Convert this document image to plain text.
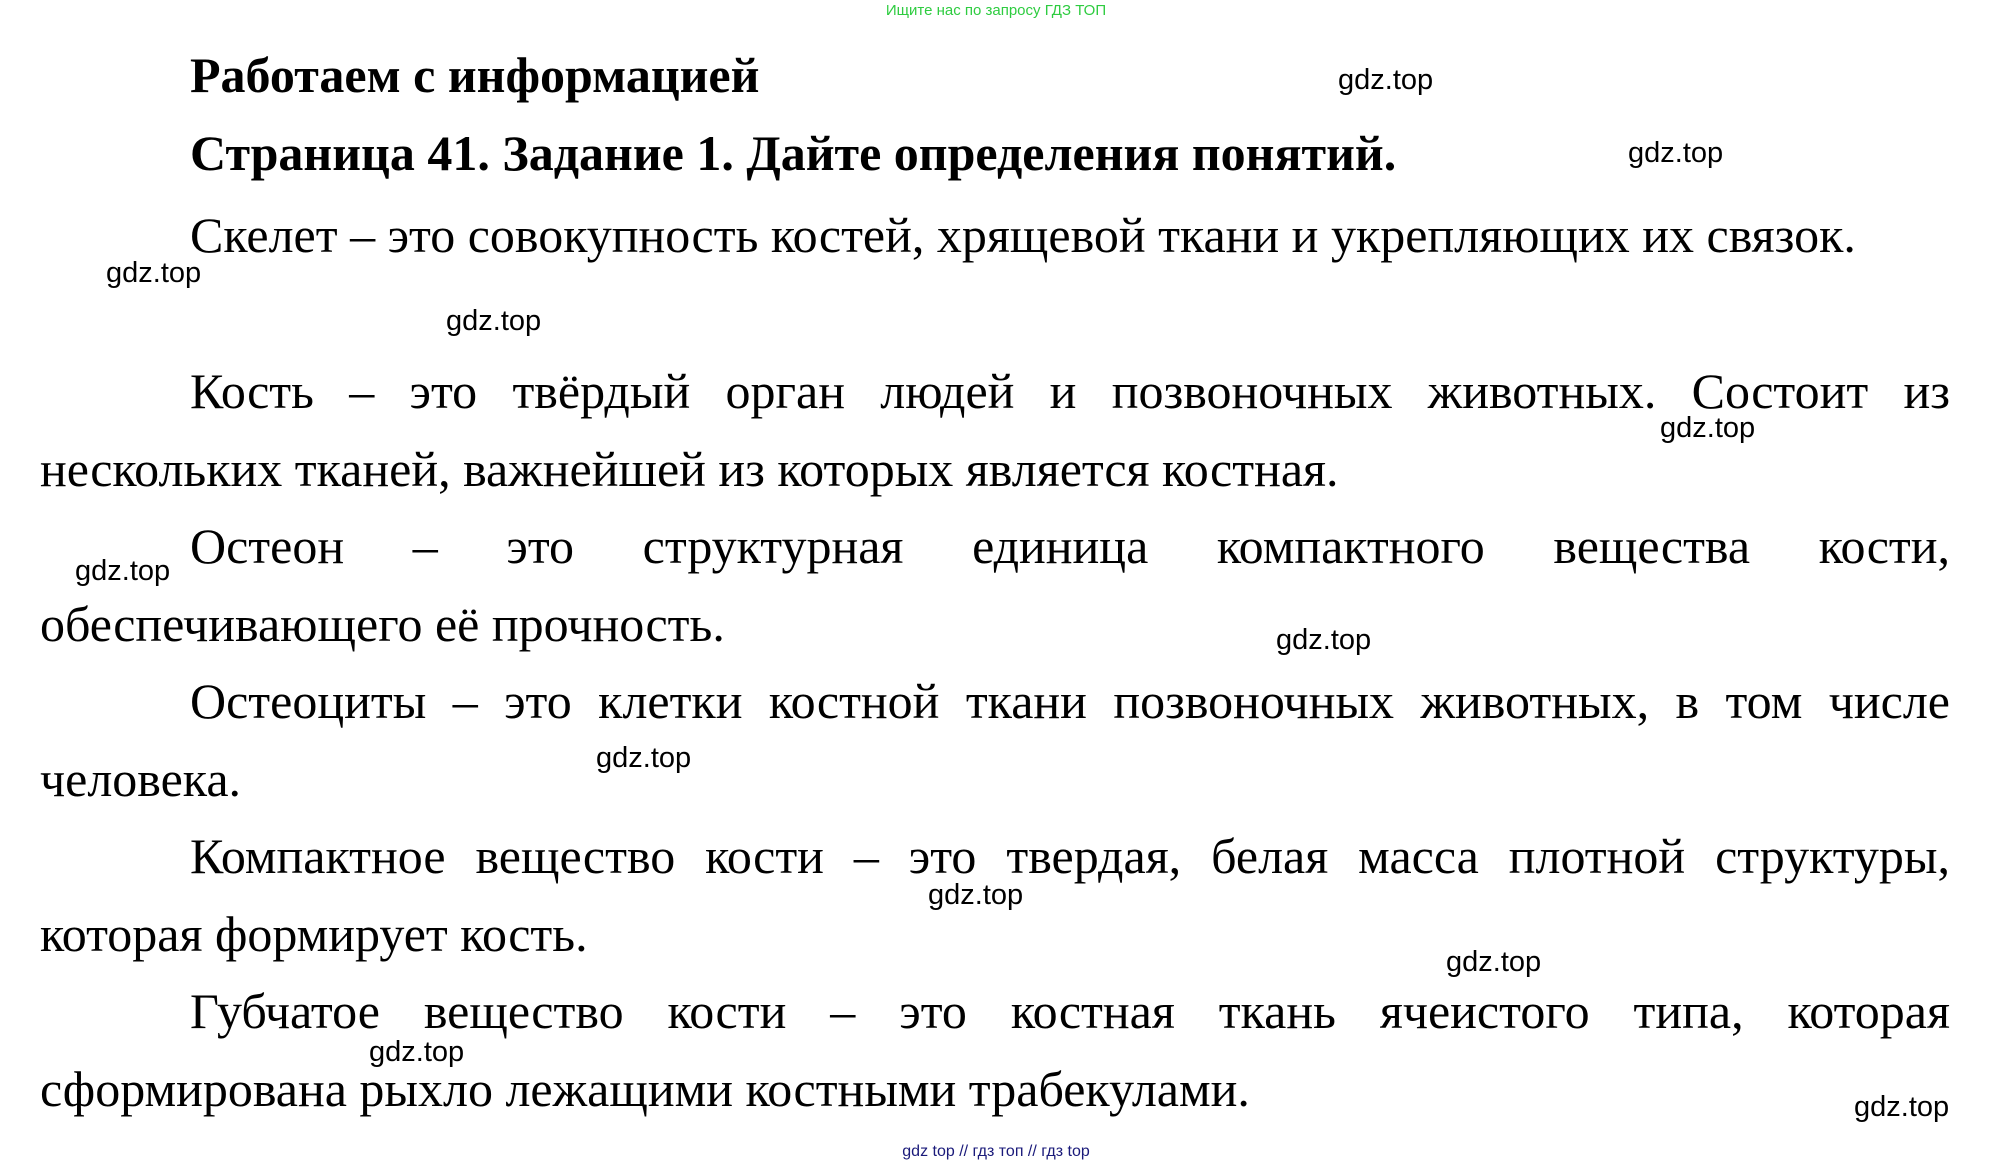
Ищите нас по запросу ГДЗ ТОП
Работаем с информацией
Страница 41. Задание 1. Дайте определения понятий.
Скелет – это совокупность костей, хрящевой ткани и укрепляющих их связок.
Кость – это твёрдый орган людей и позвоночных животных. Состоит из нескольких тканей, важнейшей из которых является костная.
Остеон – это структурная единица компактного вещества кости, обеспечивающего её прочность.
Остеоциты – это клетки костной ткани позвоночных животных, в том числе человека.
Компактное вещество кости – это твердая, белая масса плотной структуры, которая формирует кость.
Губчатое вещество кости – это костная ткань ячеистого типа, которая сформирована рыхло лежащими костными трабекулами.
gdz.top
gdz.top
gdz.top
gdz.top
gdz.top
gdz.top
gdz.top
gdz.top
gdz.top
gdz.top
gdz.top
gdz.top
gdz top // гдз топ // гдз top
